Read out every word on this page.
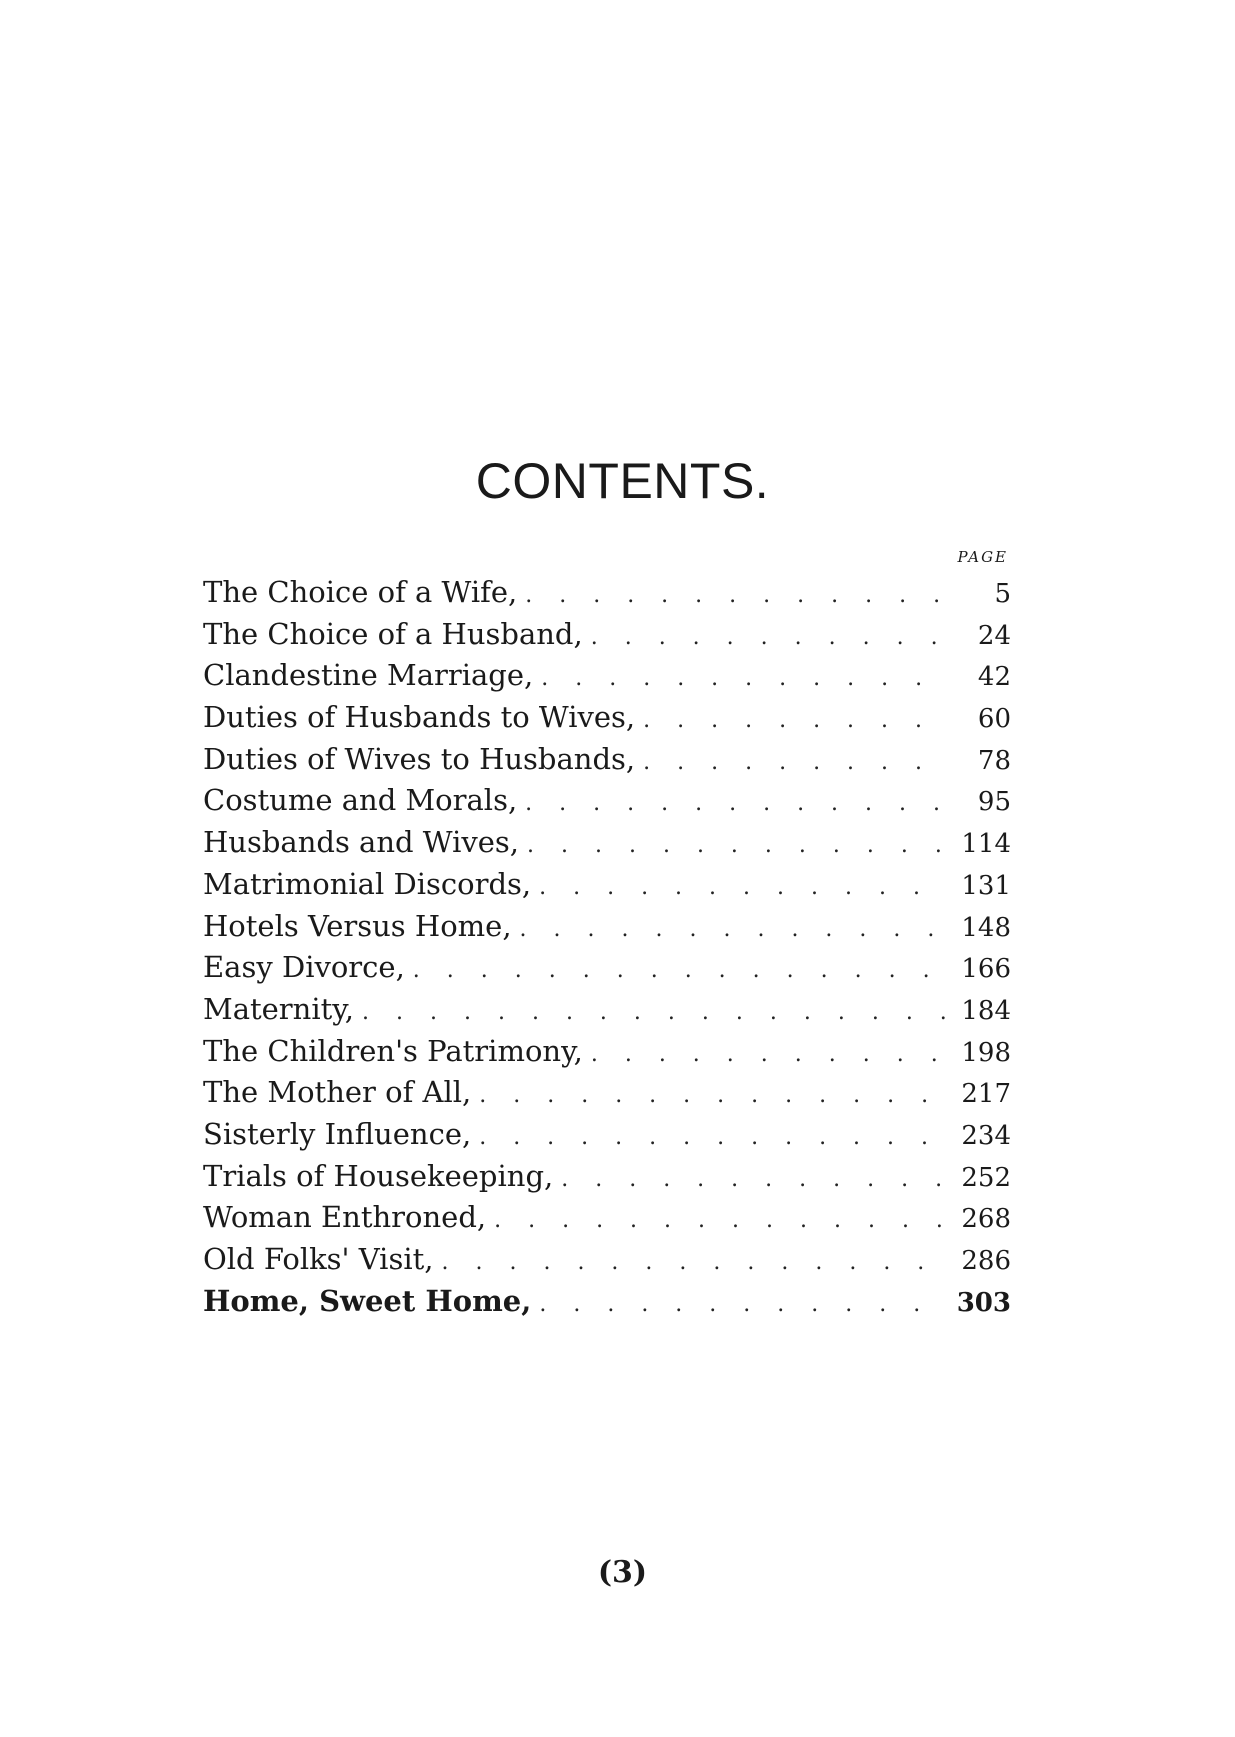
CONTENTS.
PAGE
The Choice of a Wife, . . .	5
The Choice of a Husband, . . .	24
Clandestine Marriage, . . .	42
Duties of Husbands to Wives, . . .	60
Duties of Wives to Husbands, . . .	78
Costume and Morals, . . .	95
Husbands and Wives, . . .	114
Matrimonial Discords, . . .	131
Hotels Versus Home, . . .	148
Easy Divorce, . . .	166
Maternity, . . .	184
The Children's Patrimony, . . .	198
The Mother of All, . . .	217
Sisterly Influence, . . .	234
Trials of Housekeeping, . . .	252
Woman Enthroned, . . .	268
Old Folks' Visit, . . .	286
Home, Sweet Home, . . .	303
(3)
